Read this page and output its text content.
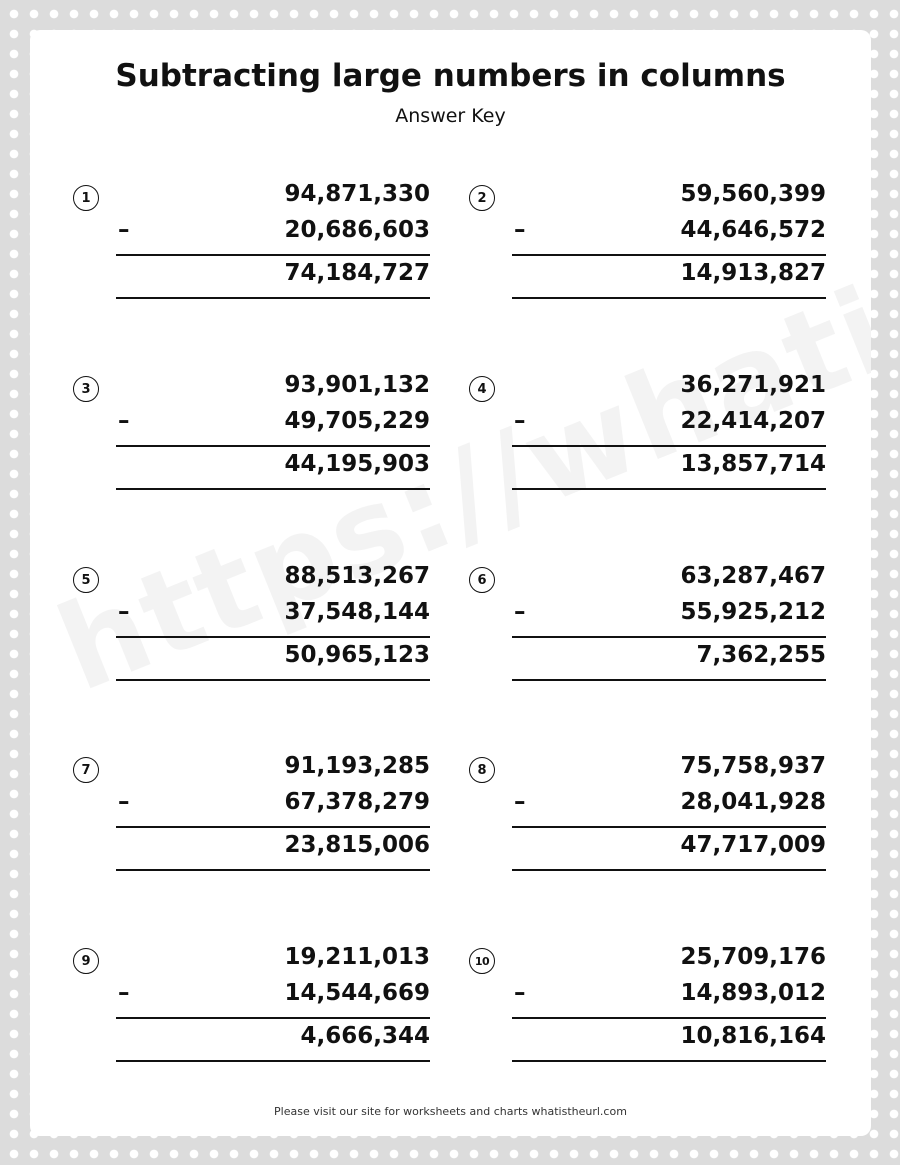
Subtracting large numbers in columns
Answer Key
1	94,871,330
–	20,686,603
74,184,727
2	59,560,399
–	44,646,572
14,913,827
3	93,901,132
–	49,705,229
44,195,903
4	36,271,921
–	22,414,207
13,857,714
5	88,513,267
–	37,548,144
50,965,123
6	63,287,467
–	55,925,212
7,362,255
7	91,193,285
–	67,378,279
23,815,006
8	75,758,937
–	28,041,928
47,717,009
9	19,211,013
–	14,544,669
4,666,344
10	25,709,176
–	14,893,012
10,816,164
Please visit our site for worksheets and charts whatistheurl.com
